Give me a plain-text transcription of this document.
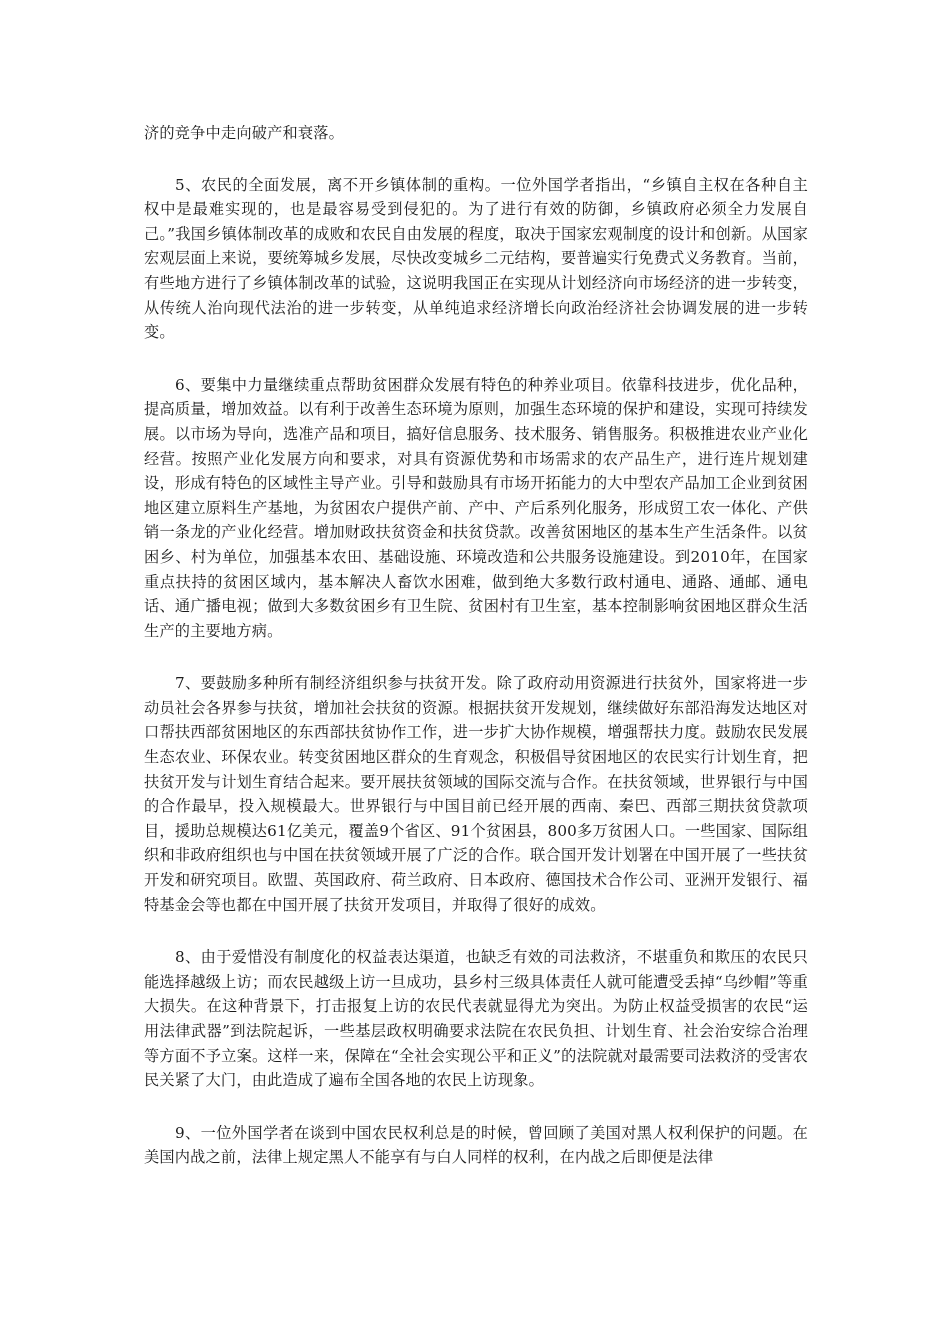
济的竞争中走向破产和衰落。

5、农民的全面发展，离不开乡镇体制的重构。一位外国学者指出，“乡镇自主权在各种自主权中是最难实现的，也是最容易受到侵犯的。为了进行有效的防御，乡镇政府必须全力发展自己。”我国乡镇体制改革的成败和农民自由发展的程度，取决于国家宏观制度的设计和创新。从国家宏观层面上来说，要统筹城乡发展，尽快改变城乡二元结构，要普遍实行免费式义务教育。当前，有些地方进行了乡镇体制改革的试验，这说明我国正在实现从计划经济向市场经济的进一步转变，从传统人治向现代法治的进一步转变，从单纯追求经济增长向政治经济社会协调发展的进一步转变。

6、要集中力量继续重点帮助贫困群众发展有特色的种养业项目。依靠科技进步，优化品种，提高质量，增加效益。以有利于改善生态环境为原则，加强生态环境的保护和建设，实现可持续发展。以市场为导向，选准产品和项目，搞好信息服务、技术服务、销售服务。积极推进农业产业化经营。按照产业化发展方向和要求，对具有资源优势和市场需求的农产品生产，进行连片规划建设，形成有特色的区域性主导产业。引导和鼓励具有市场开拓能力的大中型农产品加工企业到贫困地区建立原料生产基地，为贫困农户提供产前、产中、产后系列化服务，形成贸工农一体化、产供销一条龙的产业化经营。增加财政扶贫资金和扶贫贷款。改善贫困地区的基本生产生活条件。以贫困乡、村为单位，加强基本农田、基础设施、环境改造和公共服务设施建设。到2010年，在国家重点扶持的贫困区域内，基本解决人畜饮水困难，做到绝大多数行政村通电、通路、通邮、通电话、通广播电视；做到大多数贫困乡有卫生院、贫困村有卫生室，基本控制影响贫困地区群众生活生产的主要地方病。

7、要鼓励多种所有制经济组织参与扶贫开发。除了政府动用资源进行扶贫外，国家将进一步动员社会各界参与扶贫，增加社会扶贫的资源。根据扶贫开发规划，继续做好东部沿海发达地区对口帮扶西部贫困地区的东西部扶贫协作工作，进一步扩大协作规模，增强帮扶力度。鼓励农民发展生态农业、环保农业。转变贫困地区群众的生育观念，积极倡导贫困地区的农民实行计划生育，把扶贫开发与计划生育结合起来。要开展扶贫领域的国际交流与合作。在扶贫领域，世界银行与中国的合作最早，投入规模最大。世界银行与中国目前已经开展的西南、秦巴、西部三期扶贫贷款项目，援助总规模达61亿美元，覆盖9个省区、91个贫困县，800多万贫困人口。一些国家、国际组织和非政府组织也与中国在扶贫领域开展了广泛的合作。联合国开发计划署在中国开展了一些扶贫开发和研究项目。欧盟、英国政府、荷兰政府、日本政府、德国技术合作公司、亚洲开发银行、福特基金会等也都在中国开展了扶贫开发项目，并取得了很好的成效。

8、由于爱惜没有制度化的权益表达渠道，也缺乏有效的司法救济，不堪重负和欺压的农民只能选择越级上访；而农民越级上访一旦成功，县乡村三级具体责任人就可能遭受丢掉“乌纱帽”等重大损失。在这种背景下，打击报复上访的农民代表就显得尤为突出。为防止权益受损害的农民“运用法律武器”到法院起诉，一些基层政权明确要求法院在农民负担、计划生育、社会治安综合治理等方面不予立案。这样一来，保障在“全社会实现公平和正义”的法院就对最需要司法救济的受害农民关紧了大门，由此造成了遍布全国各地的农民上访现象。

9、一位外国学者在谈到中国农民权利总是的时候，曾回顾了美国对黑人权利保护的问题。在美国内战之前，法律上规定黑人不能享有与白人同样的权利，在内战之后即便是法律
